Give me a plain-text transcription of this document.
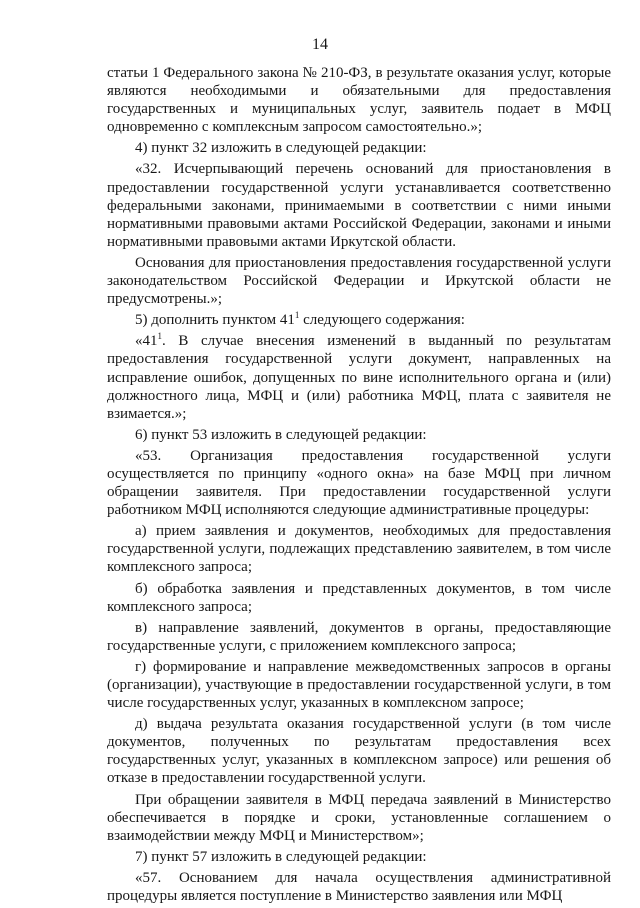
14

статьи 1 Федерального закона № 210-ФЗ, в результате оказания услуг, которые являются необходимыми и обязательными для предоставления государственных и муниципальных услуг, заявитель подает в МФЦ одновременно с комплексным запросом самостоятельно.»;

4) пункт 32 изложить в следующей редакции:

«32. Исчерпывающий перечень оснований для приостановления в предоставлении государственной услуги устанавливается соответственно федеральными законами, принимаемыми в соответствии с ними иными нормативными правовыми актами Российской Федерации, законами и иными нормативными правовыми актами Иркутской области.

Основания для приостановления предоставления государственной услуги законодательством Российской Федерации и Иркутской области не предусмотрены.»;

5) дополнить пунктом $41^1$ следующего содержания:

«$41^1$. В случае внесения изменений в выданный по результатам предоставления государственной услуги документ, направленных на исправление ошибок, допущенных по вине исполнительного органа и (или) должностного лица, МФЦ и (или) работника МФЦ, плата с заявителя не взимается.»;

6) пункт 53 изложить в следующей редакции:

«53. Организация предоставления государственной услуги осуществляется по принципу «одного окна» на базе МФЦ при личном обращении заявителя. При предоставлении государственной услуги работником МФЦ исполняются следующие административные процедуры:

а) прием заявления и документов, необходимых для предоставления государственной услуги, подлежащих представлению заявителем, в том числе комплексного запроса;

б) обработка заявления и представленных документов, в том числе комплексного запроса;

в) направление заявлений, документов в органы, предоставляющие государственные услуги, с приложением комплексного запроса;

г) формирование и направление межведомственных запросов в органы (организации), участвующие в предоставлении государственной услуги, в том числе государственных услуг, указанных в комплексном запросе;

д) выдача результата оказания государственной услуги (в том числе документов, полученных по результатам предоставления всех государственных услуг, указанных в комплексном запросе) или решения об отказе в предоставлении государственной услуги.

При обращении заявителя в МФЦ передача заявлений в Министерство обеспечивается в порядке и сроки, установленные соглашением о взаимодействии между МФЦ и Министерством»;

7) пункт 57 изложить в следующей редакции:

«57. Основанием для начала осуществления административной процедуры является поступление в Министерство заявления или МФЦ
